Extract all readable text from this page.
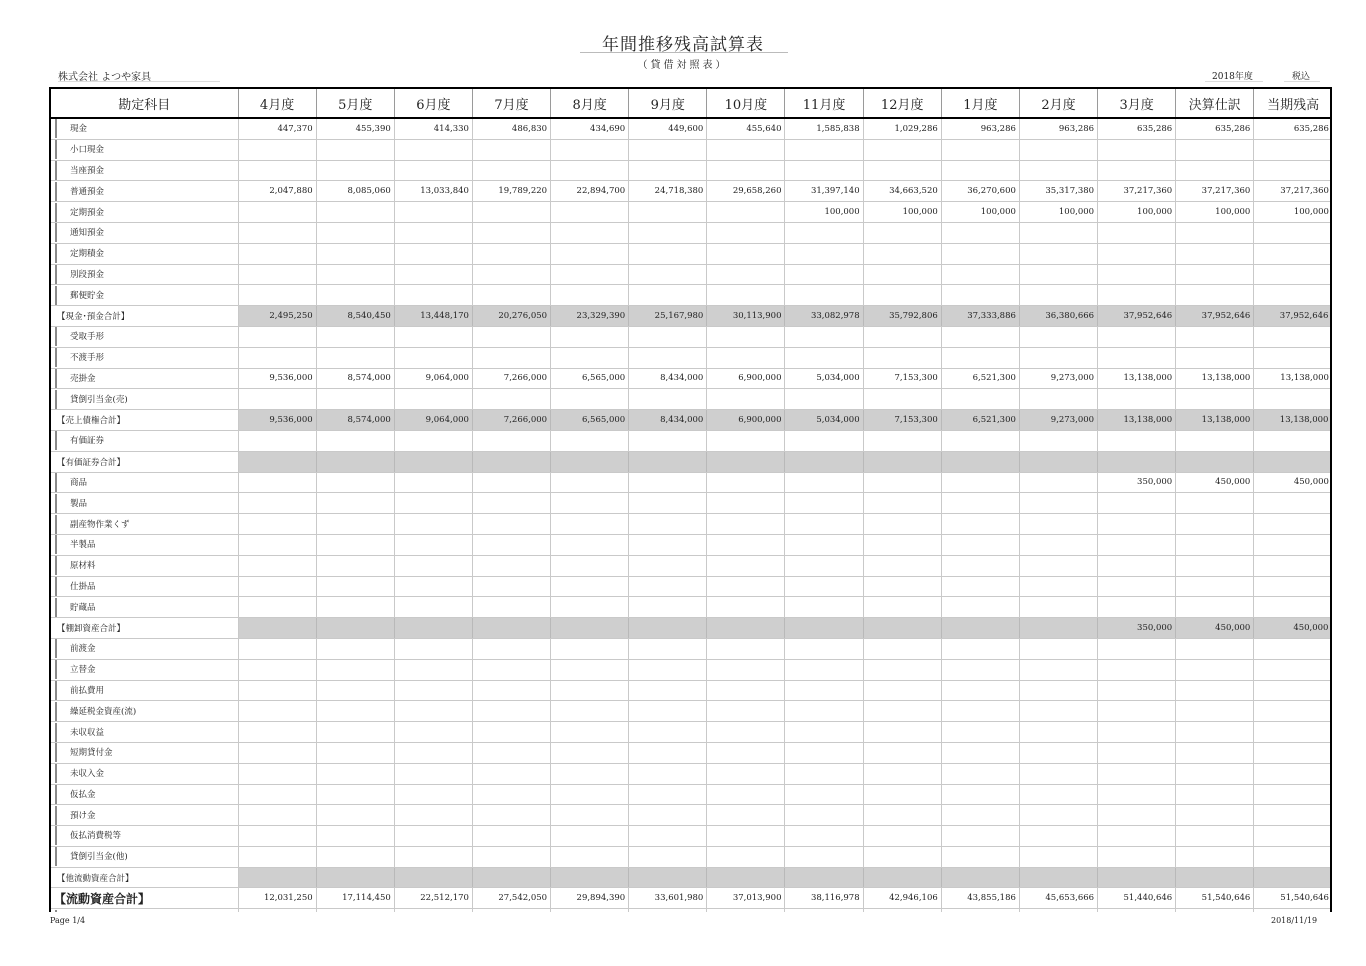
年間推移残高試算表
（貸借対照表）
株式会社 よつや家具	2018年度	税込
勘定科目	4月度	5月度	6月度	7月度	8月度	9月度	10月度	11月度	12月度	1月度	2月度	3月度	決算仕訳	当期残高
現金	447,370	455,390	414,330	486,830	434,690	449,600	455,640	1,585,838	1,029,286	963,286	963,286	635,286	635,286	635,286
小口現金														
当座預金														
普通預金	2,047,880	8,085,060	13,033,840	19,789,220	22,894,700	24,718,380	29,658,260	31,397,140	34,663,520	36,270,600	35,317,380	37,217,360	37,217,360	37,217,360
定期預金								100,000	100,000	100,000	100,000	100,000	100,000	100,000
通知預金														
定期積金														
別段預金														
郵便貯金														
【現金･預金合計】	2,495,250	8,540,450	13,448,170	20,276,050	23,329,390	25,167,980	30,113,900	33,082,978	35,792,806	37,333,886	36,380,666	37,952,646	37,952,646	37,952,646
受取手形														
不渡手形														
売掛金	9,536,000	8,574,000	9,064,000	7,266,000	6,565,000	8,434,000	6,900,000	5,034,000	7,153,300	6,521,300	9,273,000	13,138,000	13,138,000	13,138,000
貸倒引当金(売)														
【売上債権合計】	9,536,000	8,574,000	9,064,000	7,266,000	6,565,000	8,434,000	6,900,000	5,034,000	7,153,300	6,521,300	9,273,000	13,138,000	13,138,000	13,138,000
有価証券														
【有価証券合計】														
商品												350,000	450,000	450,000
製品														
副産物作業くず														
半製品														
原材料														
仕掛品														
貯蔵品														
【棚卸資産合計】												350,000	450,000	450,000
前渡金														
立替金														
前払費用														
繰延税金資産(流)														
未収収益														
短期貸付金														
未収入金														
仮払金														
預け金														
仮払消費税等														
貸倒引当金(他)														
【他流動資産合計】														
【流動資産合計】	12,031,250	17,114,450	22,512,170	27,542,050	29,894,390	33,601,980	37,013,900	38,116,978	42,946,106	43,855,186	45,653,666	51,440,646	51,540,646	51,540,646

Page 1/4	2018/11/19
